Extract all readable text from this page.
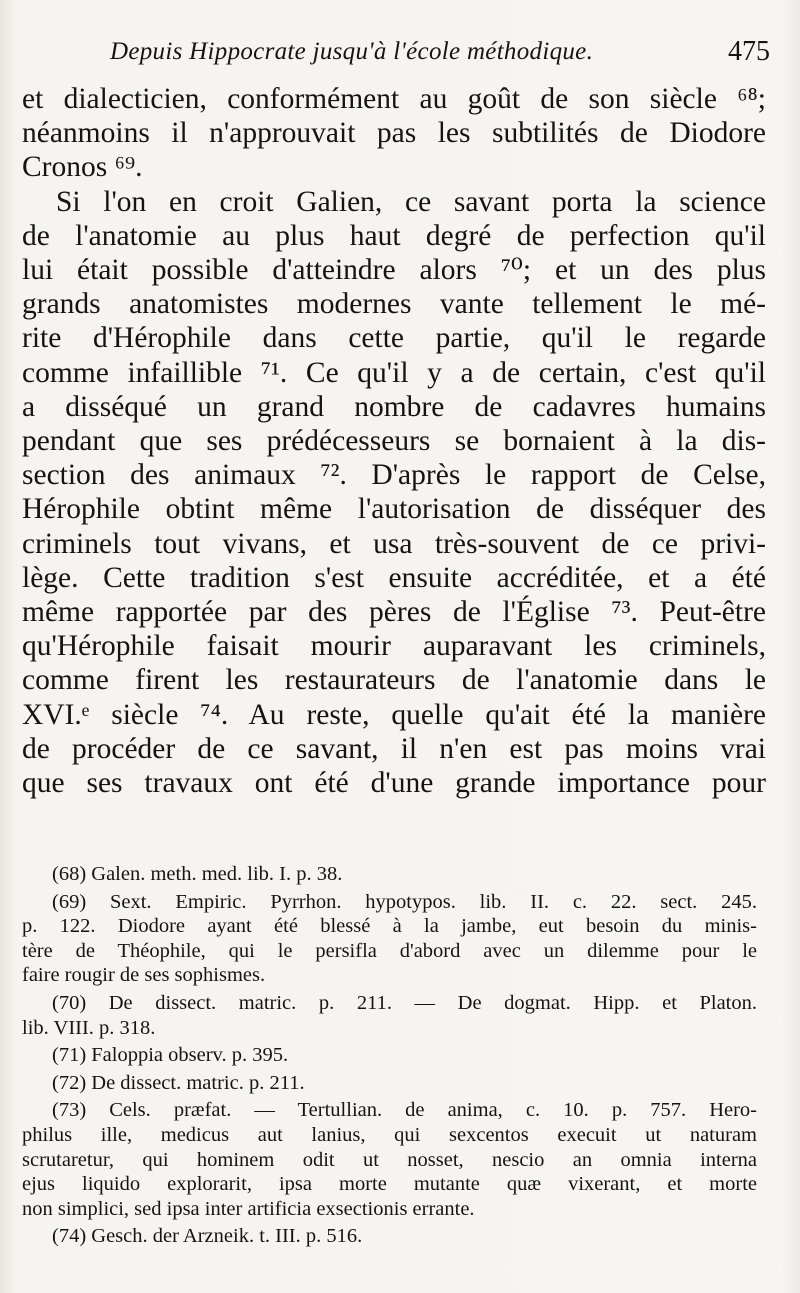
Depuis Hippocrate jusqu'à l'école méthodique.	475
et dialecticien, conformément au goût de son siècle ⁶⁸;
néanmoins il n'approuvait pas les subtilités de Diodore
Cronos ⁶⁹.
Si l'on en croit Galien, ce savant porta la science
de l'anatomie au plus haut degré de perfection qu'il
lui était possible d'atteindre alors ⁷⁰; et un des plus
grands anatomistes modernes vante tellement le mé-
rite d'Hérophile dans cette partie, qu'il le regarde
comme infaillible ⁷¹. Ce qu'il y a de certain, c'est qu'il
a disséqué un grand nombre de cadavres humains
pendant que ses prédécesseurs se bornaient à la dis-
section des animaux ⁷². D'après le rapport de Celse,
Hérophile obtint même l'autorisation de disséquer des
criminels tout vivans, et usa très-souvent de ce privi-
lège. Cette tradition s'est ensuite accréditée, et a été
même rapportée par des pères de l'Église ⁷³. Peut-être
qu'Hérophile faisait mourir auparavant les criminels,
comme firent les restaurateurs de l'anatomie dans le
XVI.ᵉ siècle ⁷⁴. Au reste, quelle qu'ait été la manière
de procéder de ce savant, il n'en est pas moins vrai
que ses travaux ont été d'une grande importance pour
(68) Galen. meth. med. lib. I. p. 38.
(69) Sext. Empiric. Pyrrhon. hypotypos. lib. II. c. 22. sect. 245.
p. 122. Diodore ayant été blessé à la jambe, eut besoin du minis-
tère de Théophile, qui le persifla d'abord avec un dilemme pour le
faire rougir de ses sophismes.
(70) De dissect. matric. p. 211. — De dogmat. Hipp. et Platon.
lib. VIII. p. 318.
(71) Faloppia observ. p. 395.
(72) De dissect. matric. p. 211.
(73) Cels. præfat. — Tertullian. de anima, c. 10. p. 757. Hero-
philus ille, medicus aut lanius, qui sexcentos execuit ut naturam
scrutaretur, qui hominem odit ut nosset, nescio an omnia interna
ejus liquido explorarit, ipsa morte mutante quæ vixerant, et morte
non simplici, sed ipsa inter artificia exsectionis errante.
(74) Gesch. der Arzneik. t. III. p. 516.
